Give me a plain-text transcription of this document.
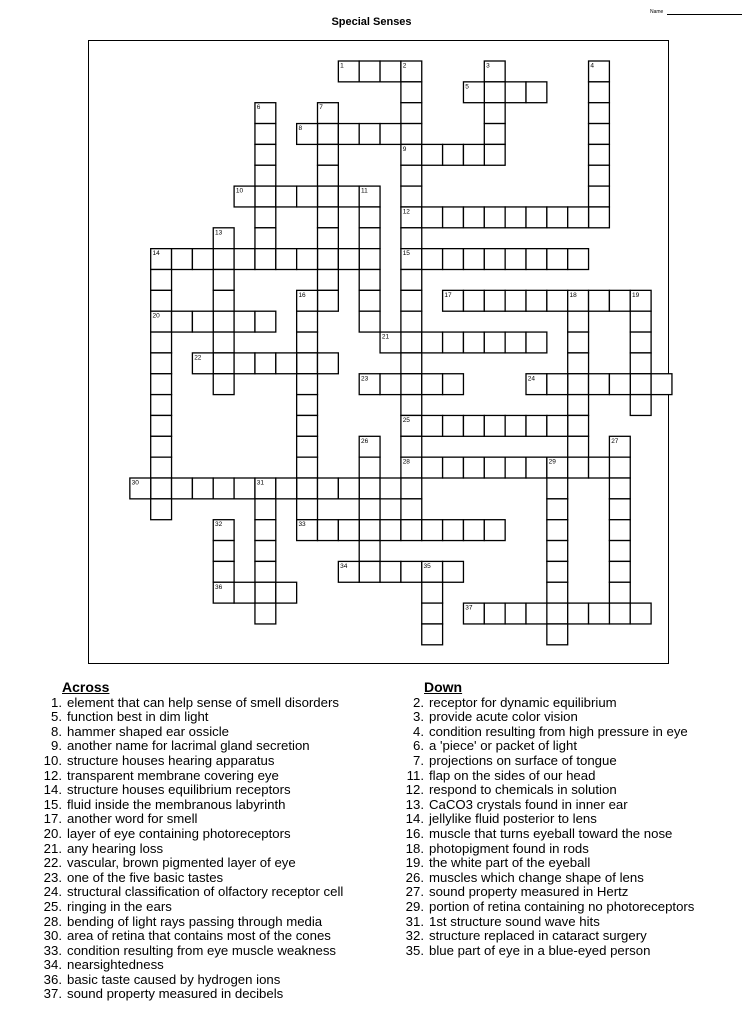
Name
Special Senses
1	2	3	4
5
6	7
8
9
10	11
12
13
14	15
16	17	18	19
20
21
22
23	24
25
26	27
28	29
30	31
32	33
34	35
36
37
Across
1. element that can help sense of smell disorders
5. function best in dim light
8. hammer shaped ear ossicle
9. another name for lacrimal gland secretion
10. structure houses hearing apparatus
12. transparent membrane covering eye
14. structure houses equilibrium receptors
15. fluid inside the membranous labyrinth
17. another word for smell
20. layer of eye containing photoreceptors
21. any hearing loss
22. vascular, brown pigmented layer of eye
23. one of the five basic tastes
24. structural classification of olfactory receptor cell
25. ringing in the ears
28. bending of light rays passing through media
30. area of retina that contains most of the cones
33. condition resulting from eye muscle weakness
34. nearsightedness
36. basic taste caused by hydrogen ions
37. sound property measured in decibels
Down
2. receptor for dynamic equilibrium
3. provide acute color vision
4. condition resulting from high pressure in eye
6. a 'piece' or packet of light
7. projections on surface of tongue
11. flap on the sides of our head
12. respond to chemicals in solution
13. CaCO3 crystals found in inner ear
14. jellylike fluid posterior to lens
16. muscle that turns eyeball toward the nose
18. photopigment found in rods
19. the white part of the eyeball
26. muscles which change shape of lens
27. sound property measured in Hertz
29. portion of retina containing no photoreceptors
31. 1st structure sound wave hits
32. structure replaced in cataract surgery
35. blue part of eye in a blue-eyed person
